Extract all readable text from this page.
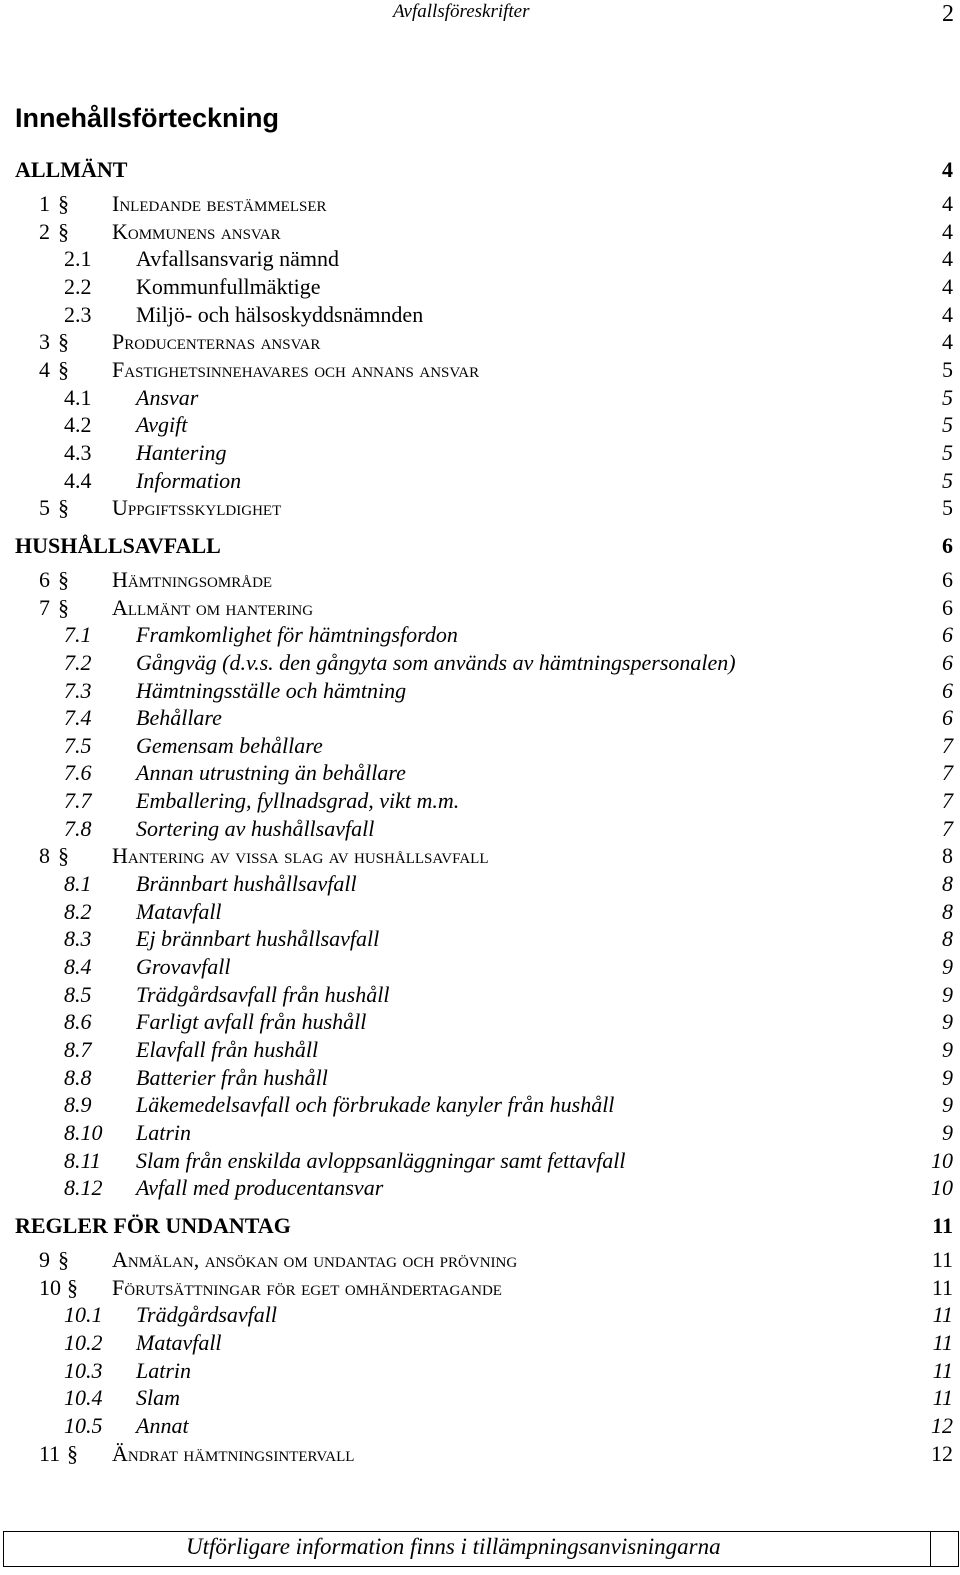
Avfallsföreskrifter	2
Innehållsförteckning
ALLMÄNT	4
1 § Inledande bestämmelser	4
2 § Kommunens ansvar	4
2.1 Avfallsansvarig nämnd	4
2.2 Kommunfullmäktige	4
2.3 Miljö- och hälsoskyddsnämnden	4
3 § Producenternas ansvar	4
4 § Fastighetsinnehavares och annans ansvar	5
4.1 Ansvar	5
4.2 Avgift	5
4.3 Hantering	5
4.4 Information	5
5 § Uppgiftsskyldighet	5
HUSHÅLLSAVFALL	6
6 § Hämtningsområde	6
7 § Allmänt om hantering	6
7.1 Framkomlighet för hämtningsfordon	6
7.2 Gångväg (d.v.s. den gångyta som används av hämtningspersonalen)	6
7.3 Hämtningsställe och hämtning	6
7.4 Behållare	6
7.5 Gemensam behållare	7
7.6 Annan utrustning än behållare	7
7.7 Emballering, fyllnadsgrad, vikt m.m.	7
7.8 Sortering av hushållsavfall	7
8 § Hantering av vissa slag av hushållsavfall	8
8.1 Brännbart hushållsavfall	8
8.2 Matavfall	8
8.3 Ej brännbart hushållsavfall	8
8.4 Grovavfall	9
8.5 Trädgårdsavfall från hushåll	9
8.6 Farligt avfall från hushåll	9
8.7 Elavfall från hushåll	9
8.8 Batterier från hushåll	9
8.9 Läkemedelsavfall och förbrukade kanyler från hushåll	9
8.10 Latrin	9
8.11 Slam från enskilda avloppsanläggningar samt fettavfall	10
8.12 Avfall med producentansvar	10
REGLER FÖR UNDANTAG	11
9 § Anmälan, ansökan om undantag och prövning	11
10 § Förutsättningar för eget omhändertagande	11
10.1 Trädgårdsavfall	11
10.2 Matavfall	11
10.3 Latrin	11
10.4 Slam	11
10.5 Annat	12
11 § Ändrat hämtningsintervall	12
Utförligare information finns i tillämpningsanvisningarna
